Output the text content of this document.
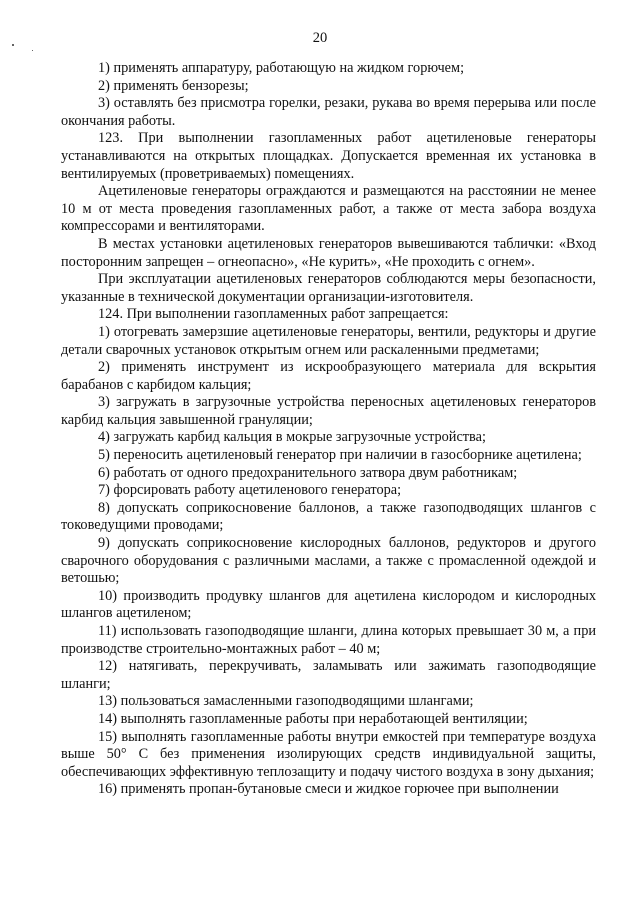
20

1) применять аппаратуру, работающую на жидком горючем;

2) применять бензорезы;

3) оставлять без присмотра горелки, резаки, рукава во время перерыва или после окончания работы.

123. При выполнении газопламенных работ ацетиленовые генераторы устанавливаются на открытых площадках. Допускается временная их установка в вентилируемых (проветриваемых) помещениях.

Ацетиленовые генераторы ограждаются и размещаются на расстоянии не менее 10 м от места проведения газопламенных работ, а также от места забора воздуха компрессорами и вентиляторами.

В местах установки ацетиленовых генераторов вывешиваются таблички: «Вход посторонним запрещен – огнеопасно», «Не курить», «Не проходить с огнем».

При эксплуатации ацетиленовых генераторов соблюдаются меры безопасности, указанные в технической документации организации-изготовителя.

124. При выполнении газопламенных работ запрещается:

1) отогревать замерзшие ацетиленовые генераторы, вентили, редукторы и другие детали сварочных установок открытым огнем или раскаленными предметами;

2) применять инструмент из искрообразующего материала для вскрытия барабанов с карбидом кальция;

3) загружать в загрузочные устройства переносных ацетиленовых генераторов карбид кальция завышенной грануляции;

4) загружать карбид кальция в мокрые загрузочные устройства;

5) переносить ацетиленовый генератор при наличии в газосборнике ацетилена;

6) работать от одного предохранительного затвора двум работникам;

7) форсировать работу ацетиленового генератора;

8) допускать соприкосновение баллонов, а также газоподводящих шлангов с токоведущими проводами;

9) допускать соприкосновение кислородных баллонов, редукторов и другого сварочного оборудования с различными маслами, а также с промасленной одеждой и ветошью;

10) производить продувку шлангов для ацетилена кислородом и кислородных шлангов ацетиленом;

11) использовать газоподводящие шланги, длина которых превышает 30 м, а при производстве строительно-монтажных работ – 40 м;

12) натягивать, перекручивать, заламывать или зажимать газоподводящие шланги;

13) пользоваться замасленными газоподводящими шлангами;

14) выполнять газопламенные работы при неработающей вентиляции;

15) выполнять газопламенные работы внутри емкостей при температуре воздуха выше 50° С без применения изолирующих средств индивидуальной защиты, обеспечивающих эффективную теплозащиту и подачу чистого воздуха в зону дыхания;

16) применять пропан-бутановые смеси и жидкое горючее при выполнении
